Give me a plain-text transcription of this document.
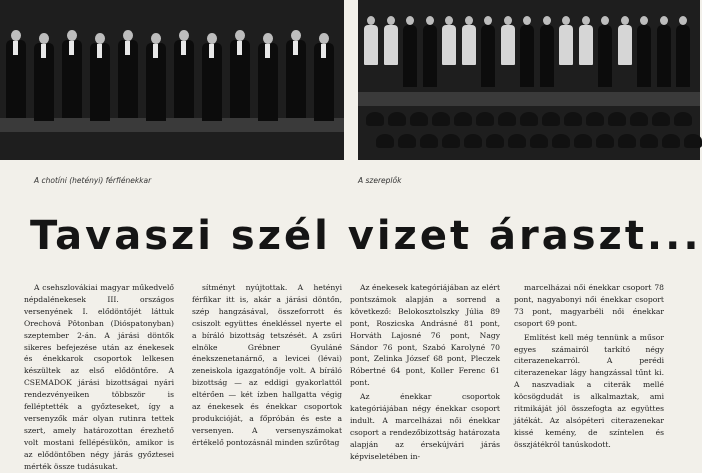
A chotíni (hetényi) férfiénekkar	A szereplők
Tavaszi szél vizet áraszt...

A csehszlovákiai magyar műkedvelő népdalénekesek III. országos versenyének I. elődöntőjét láttuk Orechová Pôtonban (Dióspatonyban) szeptember 2-án. A járási döntők sikeres befejezése után az énekesek és énekkarok csoportok lelkesen készültek az első elődöntőre. A CSEMADOK járási bizottságai nyári rendezvényeiken többször is felléptették a győzteseket, így a versenyzők már olyan rutinra tettek szert, amely határozottan érezhető volt mostani fellépésükön, amikor is az elődöntőben négy járás győztesei mérték össze tudásukat.

sítményt nyújtottak. A hetényi férfikar itt is, akár a járási döntőn, szép hangzásával, összeforrott és csiszolt együttes énekléssel nyerte el a bíráló bizottság tetszését. A zsűri elnöke Grébner Gyuláné énekszenetanárnő, a levicei (lévai) zeneiskola igazgatónője volt. A bíráló bizottság — az eddigi gyakorlattól eltérően — két ízben hallgatta végig az énekesek és énekkar csoportok produkcióját, a főpróbán és este a versenyen. A versenyszámokat értékelő pontozásnál minden szűrőtag

Az énekesek kategóriájában az elért pontszámok alapján a sorrend a következő: Belokosztolszky Júlia 89 pont, Roszicska Andrásné 81 pont, Horváth Lajosné 76 pont, Nagy Sándor 76 pont, Szabó Karolyné 70 pont, Zelinka József 68 pont, Pleczek Róbertné 64 pont, Koller Ferenc 61 pont.

Az énekkar csoportok kategóriájában négy énekkar csoport indult. A marcelházai női énekkar csoport a rendezőbizottság határozata alapján az érsekújvári járás képviseletében in-

marcelházai női énekkar csoport 78 pont, nagyabonyi női énekkar csoport 73 pont, magyarbéli női énekkar csoport 69 pont.

Említést kell még tennünk a műsor egyes számairól tarkító négy citerazenekarról. A perédi citerazenekar lágy hangzással tűnt ki. A naszvadiak a citerák mellé köcsögdudát is alkalmaztak, ami ritmikáját jól összefogta az együttes játékát. Az alsópéteri citerazenekar kissé kemény, de színtelen és összjátékról tanúskodott.
